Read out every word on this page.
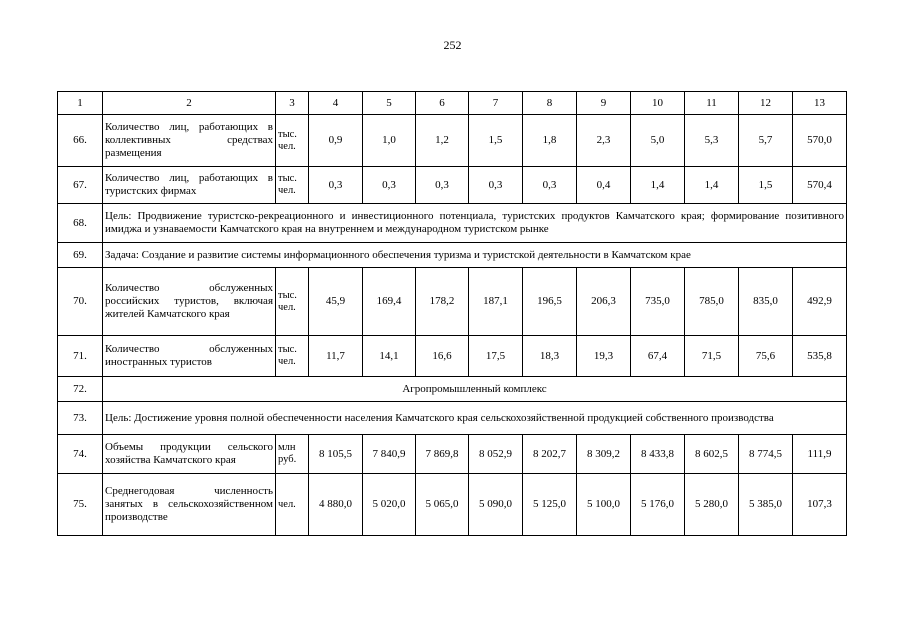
252
1	2	3	4	5	6	7	8	9	10	11	12	13
66.	Количество лиц, работающих в коллективных средствах размещения	тыс. чел.	0,9	1,0	1,2	1,5	1,8	2,3	5,0	5,3	5,7	570,0
67.	Количество лиц, работающих в туристских фирмах	тыс. чел.	0,3	0,3	0,3	0,3	0,3	0,4	1,4	1,4	1,5	570,4
68.	Цель: Продвижение туристско-рекреационного и инвестиционного потенциала, туристских продуктов Камчатского края; формирование позитивного имиджа и узнаваемости Камчатского края на внутреннем и международном туристском рынке											
69.	Задача: Создание и развитие системы информационного обеспечения туризма и туристской деятельности в Камчатском крае											
70.	Количество обслуженных российских туристов, включая жителей Камчатского края	тыс. чел.	45,9	169,4	178,2	187,1	196,5	206,3	735,0	785,0	835,0	492,9
71.	Количество обслуженных иностранных туристов	тыс. чел.	11,7	14,1	16,6	17,5	18,3	19,3	67,4	71,5	75,6	535,8
72.	Агропромышленный комплекс											
73.	Цель: Достижение уровня полной обеспеченности населения Камчатского края сельскохозяйственной продукцией собственного производства											
74.	Объемы продукции сельского хозяйства Камчатского края	млн руб.	8 105,5	7 840,9	7 869,8	8 052,9	8 202,7	8 309,2	8 433,8	8 602,5	8 774,5	111,9
75.	Среднегодовая численность занятых в сельскохозяйственном производстве	чел.	4 880,0	5 020,0	5 065,0	5 090,0	5 125,0	5 100,0	5 176,0	5 280,0	5 385,0	107,3
